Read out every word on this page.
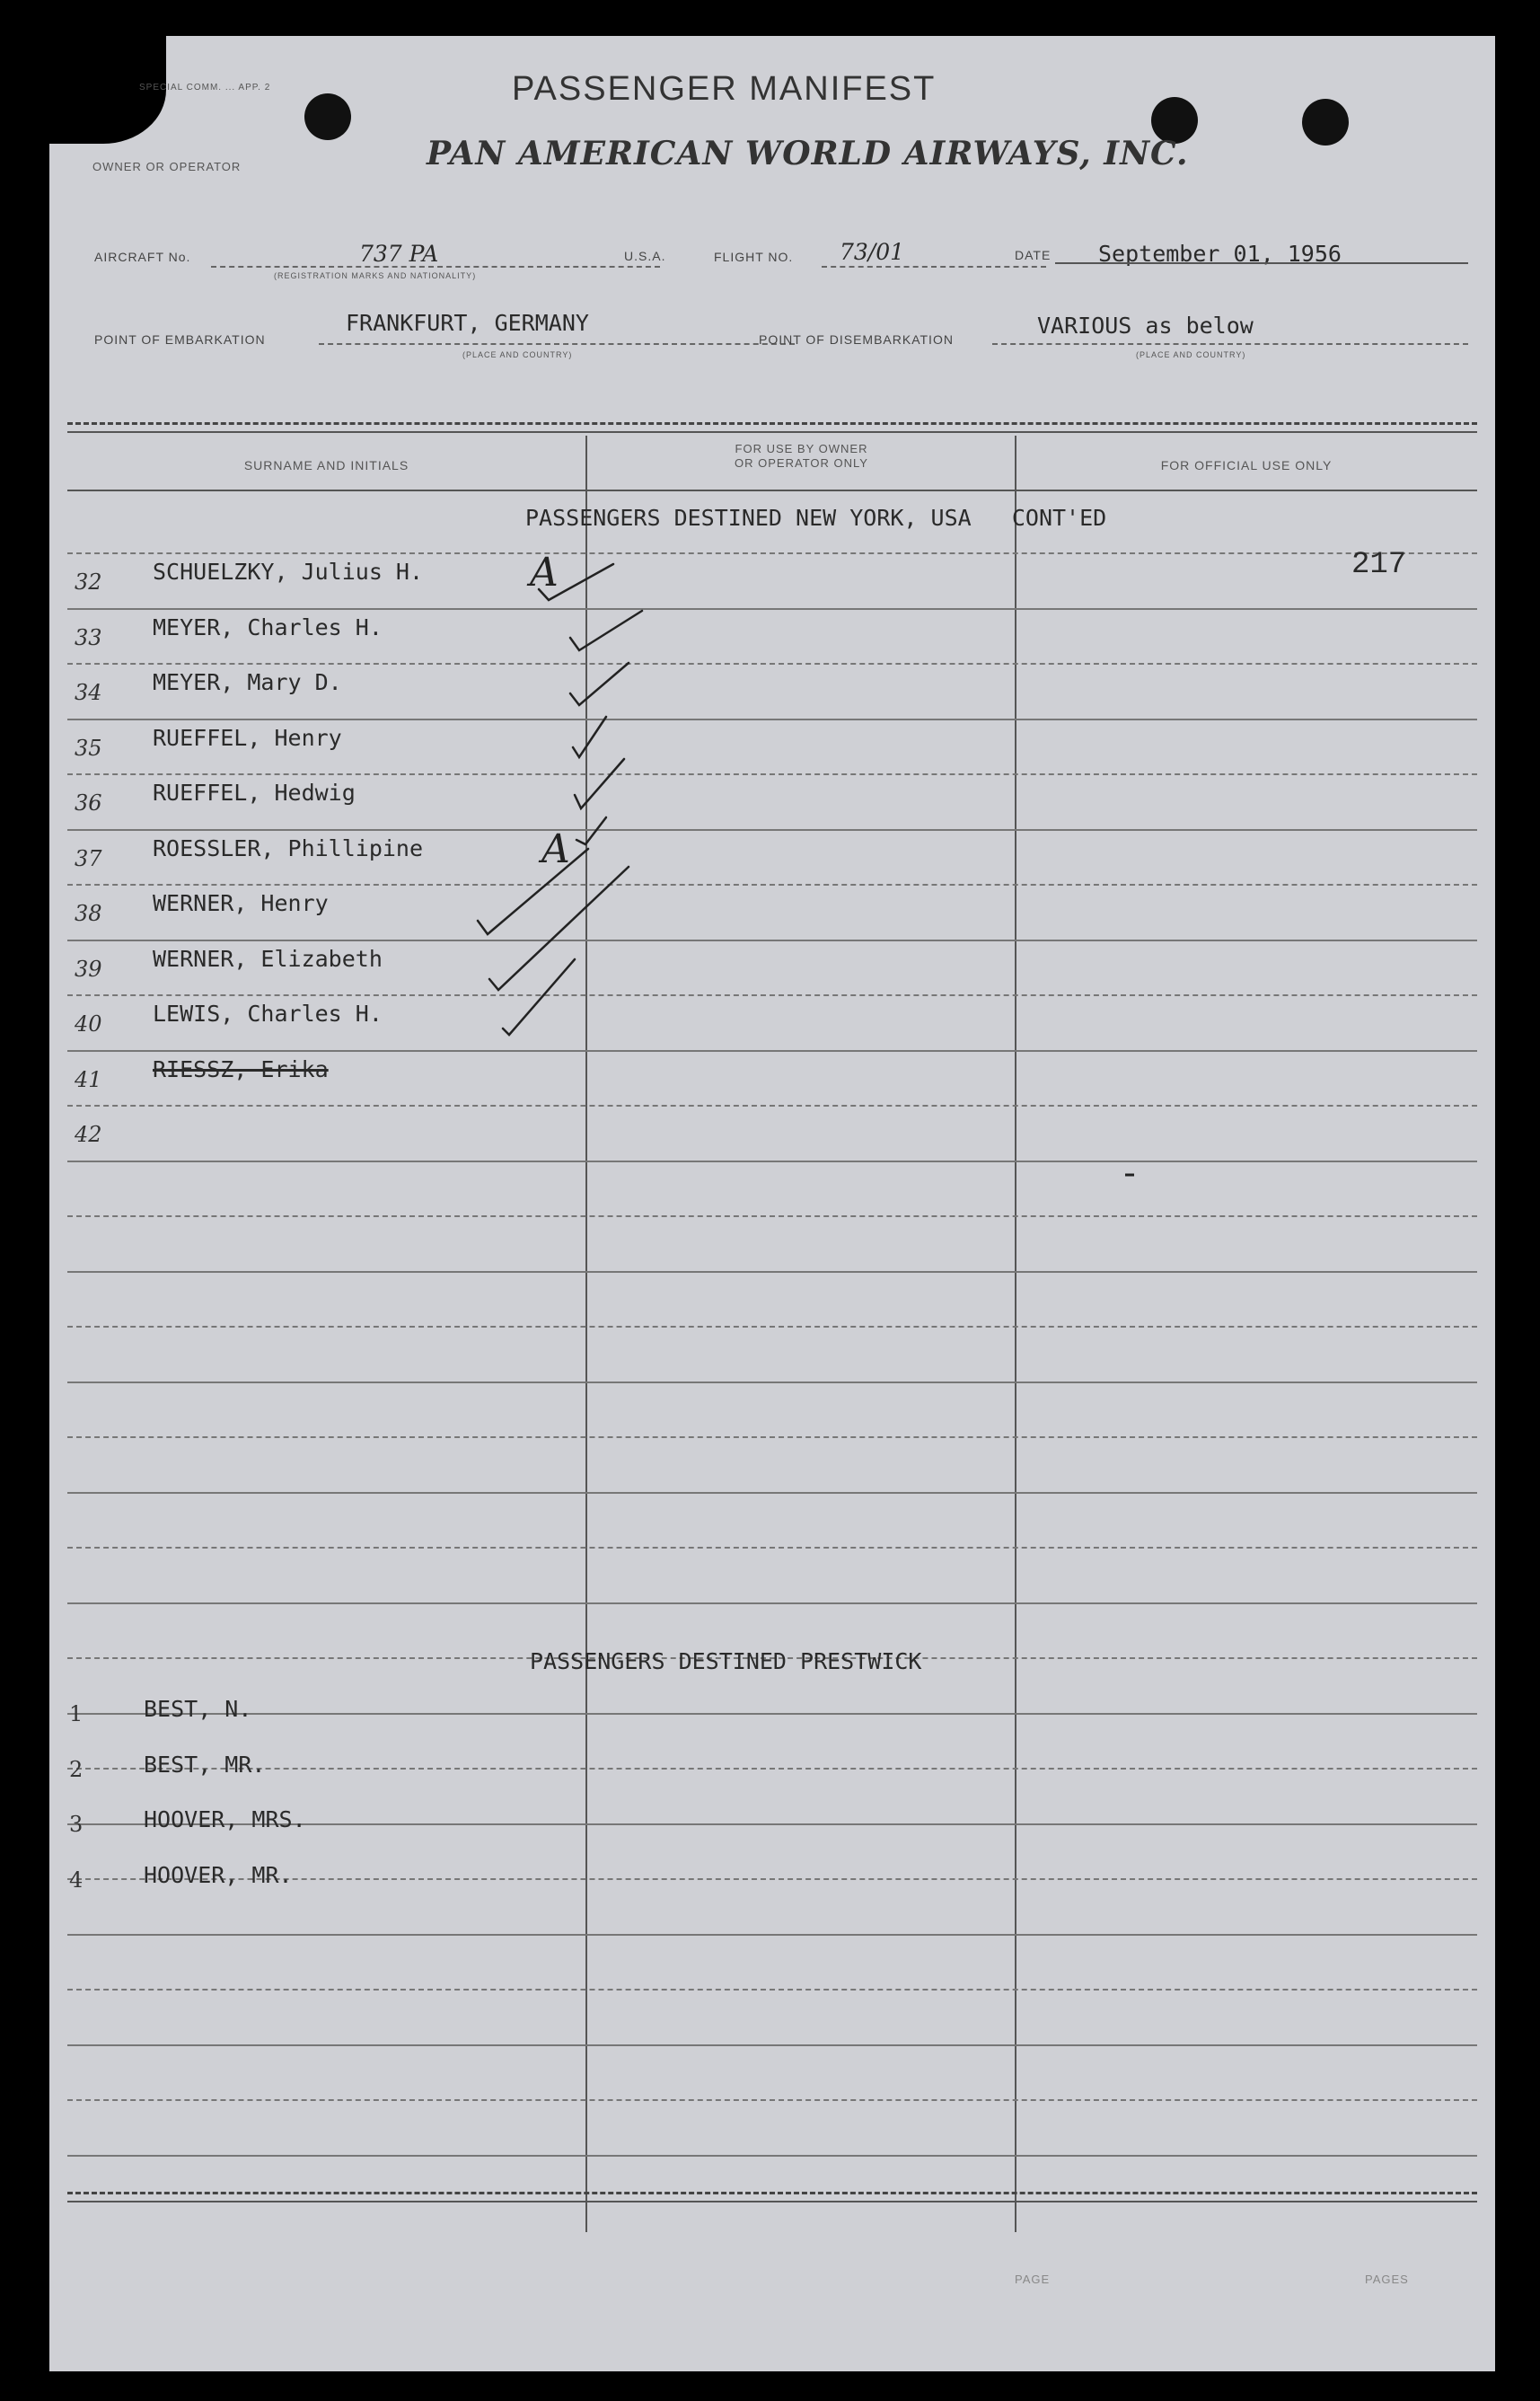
SPECIAL COMM. ... APP. 2	PASSENGER MANIFEST
PAN AMERICAN WORLD AIRWAYS, INC.
OWNER OR OPERATOR
AIRCRAFT No.	737 PA
(REGISTRATION MARKS AND NATIONALITY)
U.S.A.	FLIGHT NO. 73/01	DATE September 01, 1956
POINT OF EMBARKATION
FRANKFURT, GERMANY
(PLACE AND COUNTRY)
POINT OF DISEMBARKATION
VARIOUS as below
(PLACE AND COUNTRY)
SURNAME AND INITIALS
FOR USE BY OWNER
OR OPERATOR ONLY	FOR OFFICIAL USE ONLY
PASSENGERS DESTINED NEW YORK, USA   CONT'ED
217
32 SCHUELZKY, Julius H.	A
33 MEYER, Charles H.
34 MEYER, Mary D.
35 RUEFFEL, Henry
36 RUEFFEL, Hedwig
37 ROESSLER, Phillipine	A
38 WERNER, Henry
39 WERNER, Elizabeth
40 LEWIS, Charles H.
41 RIESSZ, Erika
42
PASSENGERS DESTINED PRESTWICK
1	BEST, N.
2	BEST, MR.
3	HOOVER, MRS.
4	HOOVER, MR.
PAGE	PAGES
